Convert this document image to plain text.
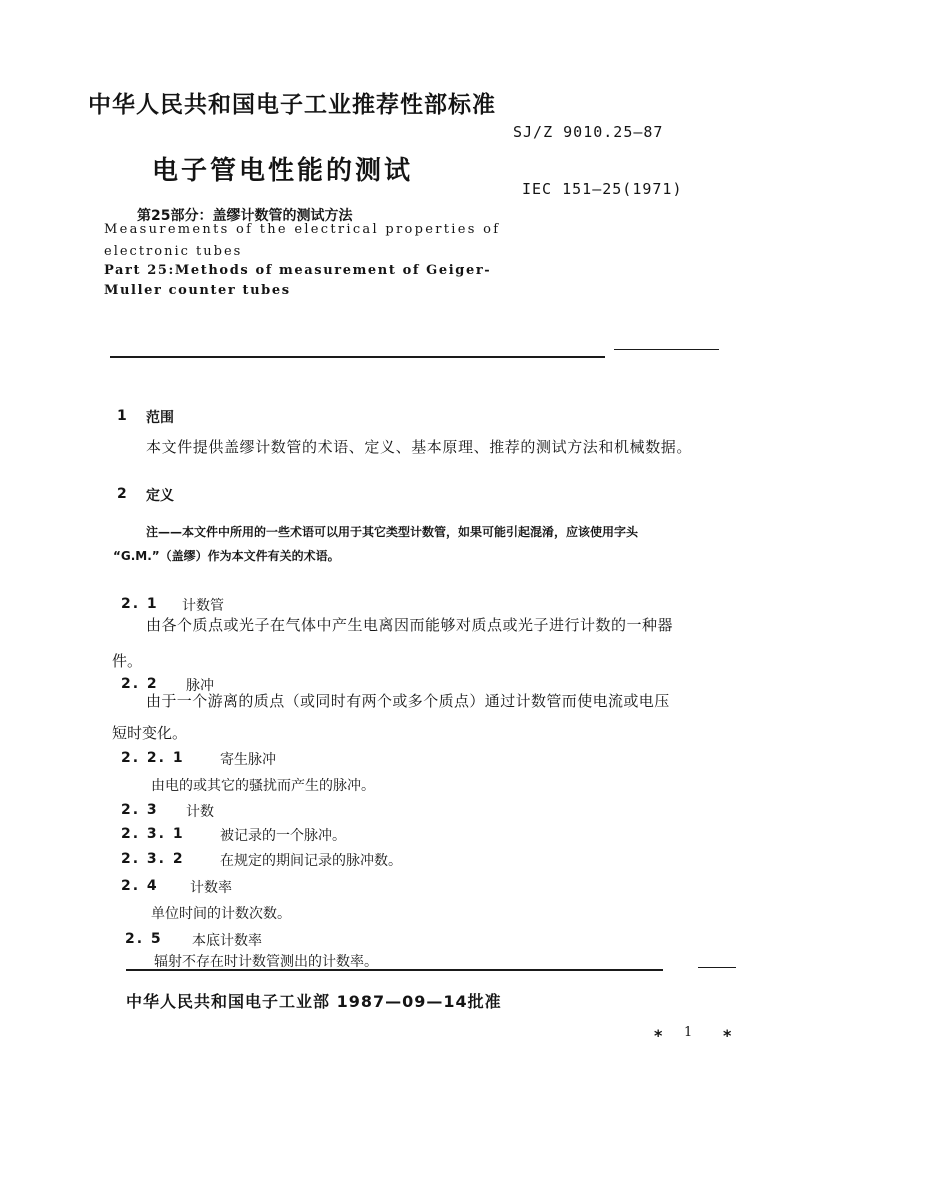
中华人民共和国电子工业推荐性部标准
SJ/Z 9010.25—87
电子管电性能的测试
IEC 151—25(1971)
第25部分：盖缪计数管的测试方法
Measurements of the electrical properties of
electronic tubes
Part 25:Methods of measurement of Geiger-
Muller counter tubes
1 范围
本文件提供盖缪计数管的术语、定义、基本原理、推荐的测试方法和机械数据。
2 定义
注——本文件中所用的一些术语可以用于其它类型计数管，如果可能引起混淆，应该使用字头
“G.M.”（盖缪）作为本文件有关的术语。
2. 1 计数管
由各个质点或光子在气体中产生电离因而能够对质点或光子进行计数的一种器
件。
2. 2 脉冲
由于一个游离的质点（或同时有两个或多个质点）通过计数管而使电流或电压
短时变化。
2. 2. 1	寄生脉冲
由电的或其它的骚扰而产生的脉冲。
2. 3 计数
2. 3. 1	被记录的一个脉冲。
2. 3. 2	在规定的期间记录的脉冲数。
2. 4 计数率
单位时间的计数次数。
2. 5 本底计数率
辐射不存在时计数管测出的计数率。
中华人民共和国电子工业部 1987—09—14批准
* 1 *
